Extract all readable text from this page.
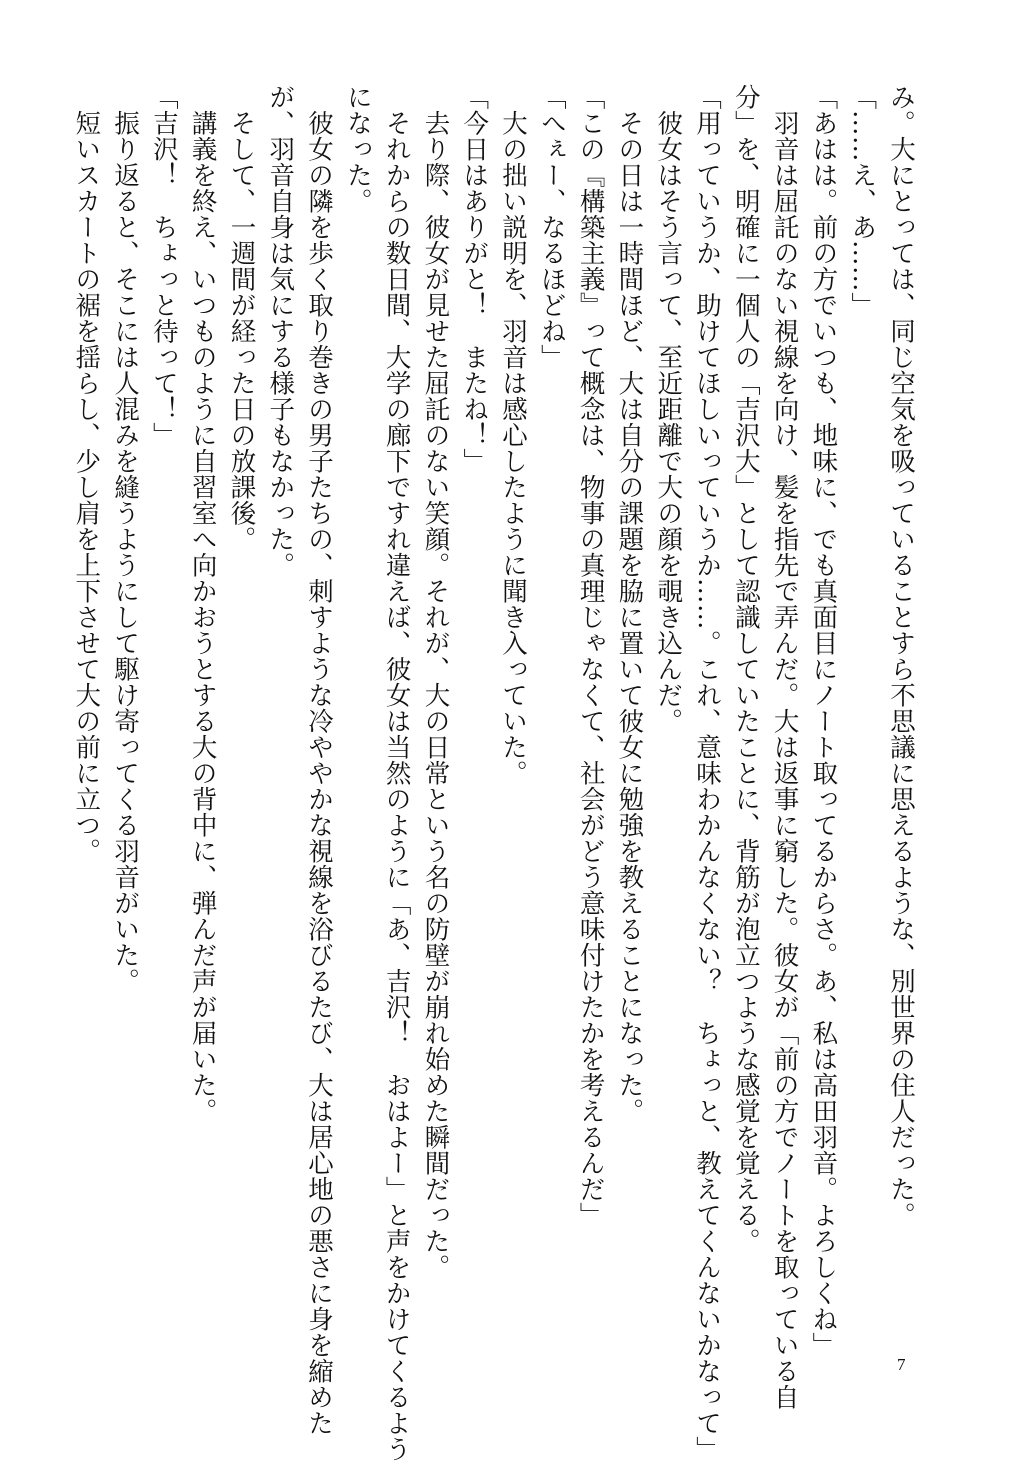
み。大にとっては、同じ空気を吸っていることすら不思議に思えるような、別世界の住人だった。
「……え、あ……」
「あはは。前の方でいつも、地味に、でも真面目にノート取ってるからさ。あ、私は高田羽音。よろしくね」
　羽音は屈託のない視線を向け、髪を指先で弄んだ。大は返事に窮した。彼女が「前の方でノートを取っている自
分」を、明確に一個人の「吉沢大」として認識していたことに、背筋が泡立つような感覚を覚える。
「用っていうか、助けてほしいっていうか……。これ、意味わかんなくない？　ちょっと、教えてくんないかなって」
　彼女はそう言って、至近距離で大の顔を覗き込んだ。
　その日は一時間ほど、大は自分の課題を脇に置いて彼女に勉強を教えることになった。
「この『構築主義』って概念は、物事の真理じゃなくて、社会がどう意味付けたかを考えるんだ」
「へぇー、なるほどね」
　大の拙い説明を、羽音は感心したように聞き入っていた。
「今日はありがと！　またね！」
　去り際、彼女が見せた屈託のない笑顔。それが、大の日常という名の防壁が崩れ始めた瞬間だった。
　それからの数日間、大学の廊下ですれ違えば、彼女は当然のように「あ、吉沢！　おはよー」と声をかけてくるよう
になった。
　彼女の隣を歩く取り巻きの男子たちの、刺すような冷ややかな視線を浴びるたび、大は居心地の悪さに身を縮めた
が、羽音自身は気にする様子もなかった。
　そして、一週間が経った日の放課後。
　講義を終え、いつものように自習室へ向かおうとする大の背中に、弾んだ声が届いた。
「吉沢！　ちょっと待って！」
　振り返ると、そこには人混みを縫うようにして駆け寄ってくる羽音がいた。
　短いスカートの裾を揺らし、少し肩を上下させて大の前に立つ。
7
